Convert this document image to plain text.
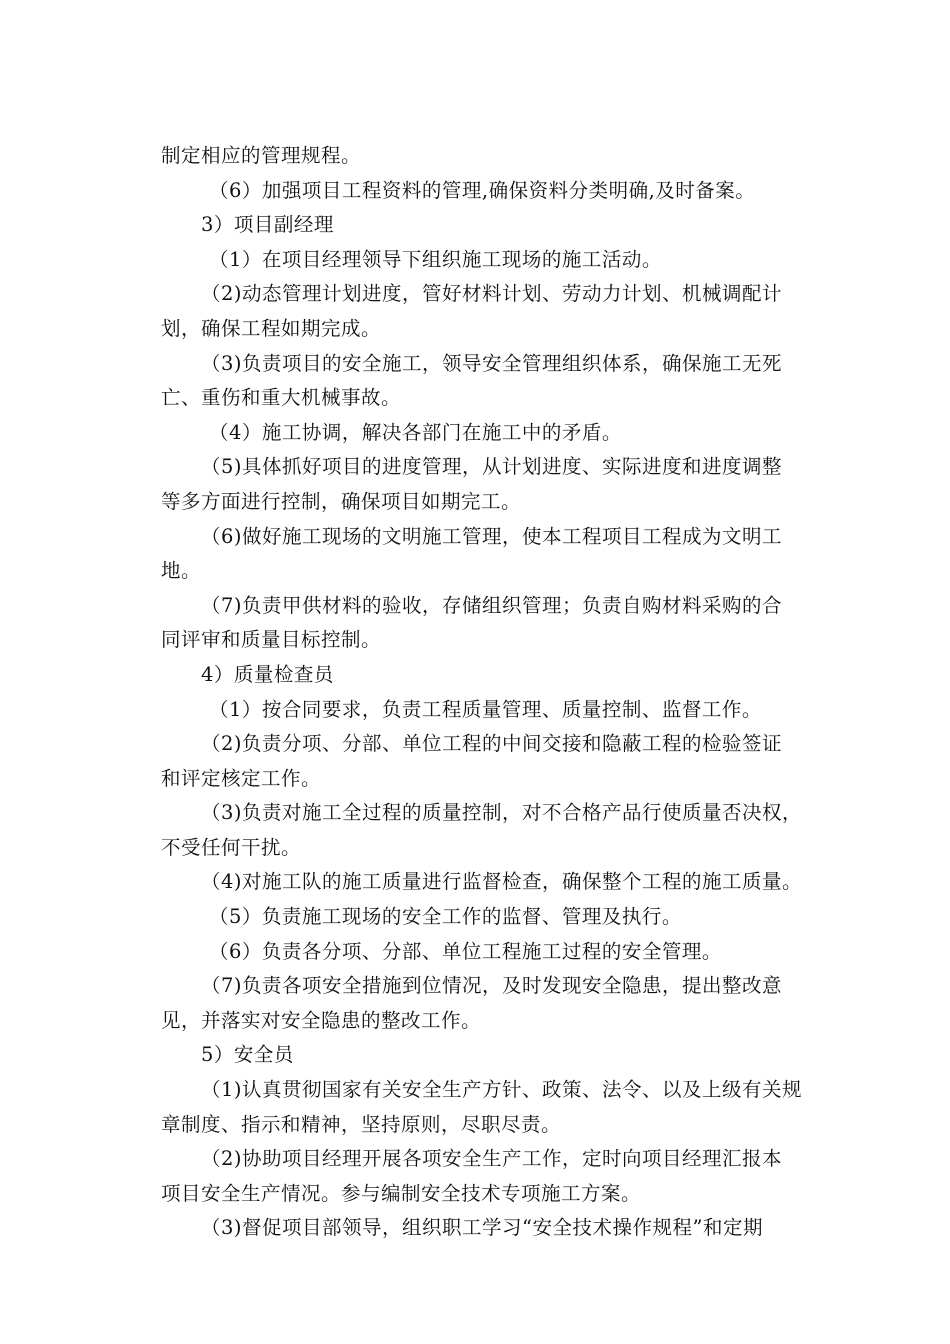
制定相应的管理规程。
（6）加强项目工程资料的管理,确保资料分类明确,及时备案。
3）项目副经理
（1）在项目经理领导下组织施工现场的施工活动。
（2)动态管理计划进度，管好材料计划、劳动力计划、机械调配计
划，确保工程如期完成。
（3)负责项目的安全施工，领导安全管理组织体系，确保施工无死
亡、重伤和重大机械事故。
（4）施工协调，解决各部门在施工中的矛盾。
（5)具体抓好项目的进度管理，从计划进度、实际进度和进度调整
等多方面进行控制，确保项目如期完工。
（6)做好施工现场的文明施工管理，使本工程项目工程成为文明工
地。
（7)负责甲供材料的验收，存储组织管理；负责自购材料采购的合
同评审和质量目标控制。
4）质量检查员
（1）按合同要求，负责工程质量管理、质量控制、监督工作。
（2)负责分项、分部、单位工程的中间交接和隐蔽工程的检验签证
和评定核定工作。
（3)负责对施工全过程的质量控制，对不合格产品行使质量否决权，
不受任何干扰。
（4)对施工队的施工质量进行监督检查，确保整个工程的施工质量。
（5）负责施工现场的安全工作的监督、管理及执行。
（6）负责各分项、分部、单位工程施工过程的安全管理。
（7)负责各项安全措施到位情况，及时发现安全隐患，提出整改意
见，并落实对安全隐患的整改工作。
5）安全员
（1)认真贯彻国家有关安全生产方针、政策、法令、以及上级有关规
章制度、指示和精神，坚持原则，尽职尽责。
（2)协助项目经理开展各项安全生产工作，定时向项目经理汇报本
项目安全生产情况。参与编制安全技术专项施工方案。
（3)督促项目部领导，组织职工学习“安全技术操作规程”和定期
